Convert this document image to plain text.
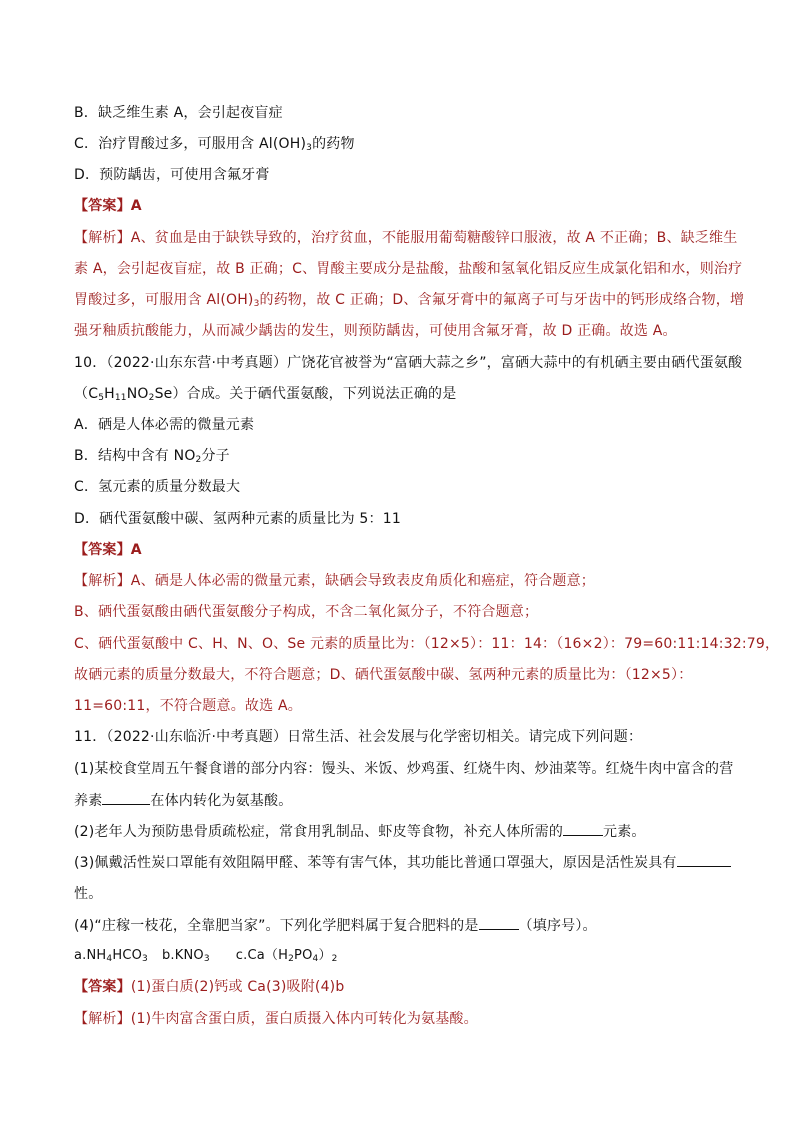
B．缺乏维生素 A，会引起夜盲症
C．治疗胃酸过多，可服用含 $Al(OH)_3$的药物
D．预防龋齿，可使用含氟牙膏
【答案】A
【解析】A、贫血是由于缺铁导致的，治疗贫血，不能服用葡萄糖酸锌口服液，故 A 不正确；B、缺乏维生
素 A，会引起夜盲症，故 B 正确；C、胃酸主要成分是盐酸，盐酸和氢氧化铝反应生成氯化铝和水，则治疗
胃酸过多，可服用含 $Al(OH)_3$的药物，故 C 正确；D、含氟牙膏中的氟离子可与牙齿中的钙形成络合物，增
强牙釉质抗酸能力，从而减少龋齿的发生，则预防龋齿，可使用含氟牙膏，故 D 正确。故选 A。
10．（2022·山东东营·中考真题）广饶花官被誉为“富硒大蒜之乡”，富硒大蒜中的有机硒主要由硒代蛋氨酸
$(C_5H_{11}NO_2Se)$合成。关于硒代蛋氨酸，下列说法正确的是
A．硒是人体必需的微量元素
B．结构中含有 $NO_2$分子
C．氢元素的质量分数最大
D．硒代蛋氨酸中碳、氢两种元素的质量比为 5：11
【答案】A
【解析】A、硒是人体必需的微量元素，缺硒会导致表皮角质化和癌症，符合题意；
B、硒代蛋氨酸由硒代蛋氨酸分子构成，不含二氧化氮分子，不符合题意；
C、硒代蛋氨酸中 C、H、N、O、Se 元素的质量比为：（12×5）：11：14：（16×2）：79=60:11:14:32:79，
故硒元素的质量分数最大，不符合题意；D、硒代蛋氨酸中碳、氢两种元素的质量比为：（12×5）：
11=60:11，不符合题意。故选 A。
11．（2022·山东临沂·中考真题）日常生活、社会发展与化学密切相关。请完成下列问题：
(1)某校食堂周五午餐食谱的部分内容：馒头、米饭、炒鸡蛋、红烧牛肉、炒油菜等。红烧牛肉中富含的营
养素	在体内转化为氨基酸。
(2)老年人为预防患骨质疏松症，常食用乳制品、虾皮等食物，补充人体所需的	元素。
(3)佩戴活性炭口罩能有效阻隔甲醛、苯等有害气体，其功能比普通口罩强大，原因是活性炭具有
性。
(4)“庄稼一枝花，全靠肥当家”。下列化学肥料属于复合肥料的是	（填序号）。
$a.NH_4HCO_3$ $b.KNO_3$ $c.Ca(H_2PO_4)_2$
【答案】(1)蛋白质(2)钙或 Ca(3)吸附(4)b
【解析】(1)牛肉富含蛋白质，蛋白质摄入体内可转化为氨基酸。
